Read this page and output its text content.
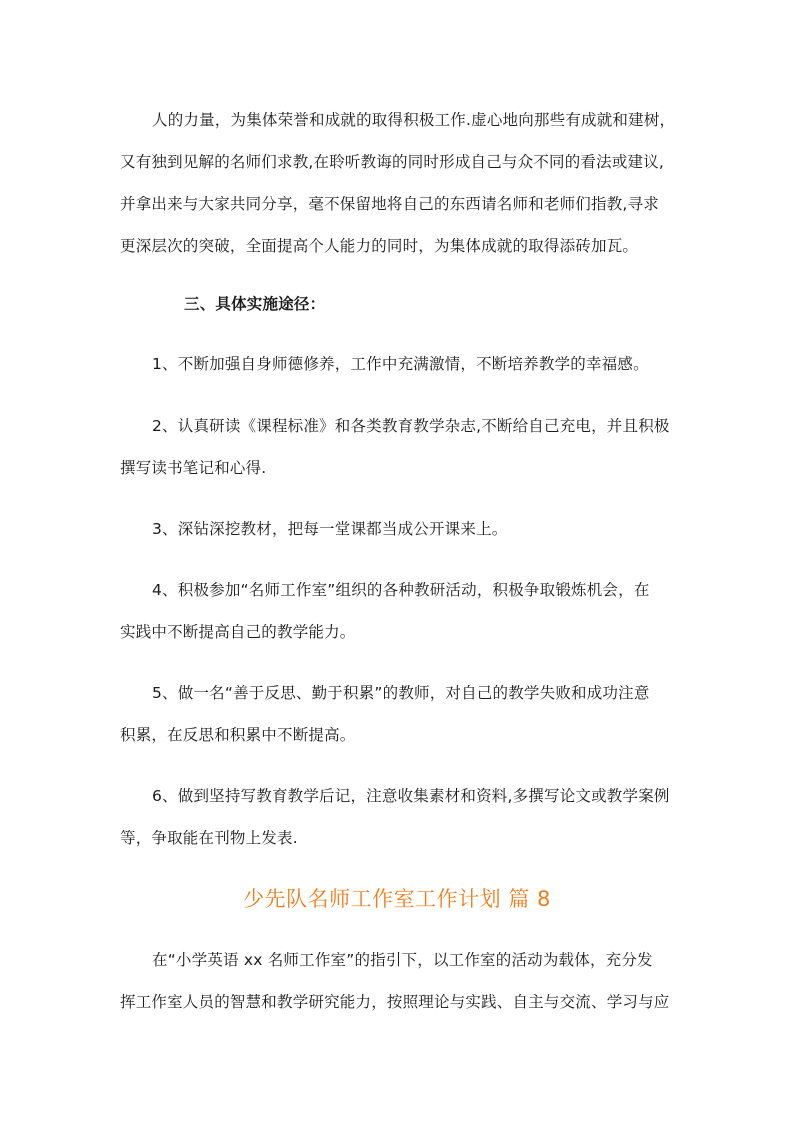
人的力量，为集体荣誉和成就的取得积极工作.虚心地向那些有成就和建树，
又有独到见解的名师们求教,在聆听教诲的同时形成自己与众不同的看法或建议,
并拿出来与大家共同分享，毫不保留地将自己的东西请名师和老师们指教,寻求
更深层次的突破，全面提高个人能力的同时，为集体成就的取得添砖加瓦。
三、具体实施途径：
1、不断加强自身师德修养，工作中充满激情，不断培养教学的幸福感。
2、认真研读《课程标准》和各类教育教学杂志,不断给自己充电，并且积极
撰写读书笔记和心得.
3、深钻深挖教材，把每一堂课都当成公开课来上。
4、积极参加“名师工作室”组织的各种教研活动，积极争取锻炼机会，在
实践中不断提高自己的教学能力。
5、做一名“善于反思、勤于积累”的教师，对自己的教学失败和成功注意
积累，在反思和积累中不断提高。
6、做到坚持写教育教学后记，注意收集素材和资料,多撰写论文或教学案例
等，争取能在刊物上发表.
少先队名师工作室工作计划 篇 8
在“小学英语 xx 名师工作室”的指引下，以工作室的活动为载体，充分发
挥工作室人员的智慧和教学研究能力，按照理论与实践、自主与交流、学习与应
